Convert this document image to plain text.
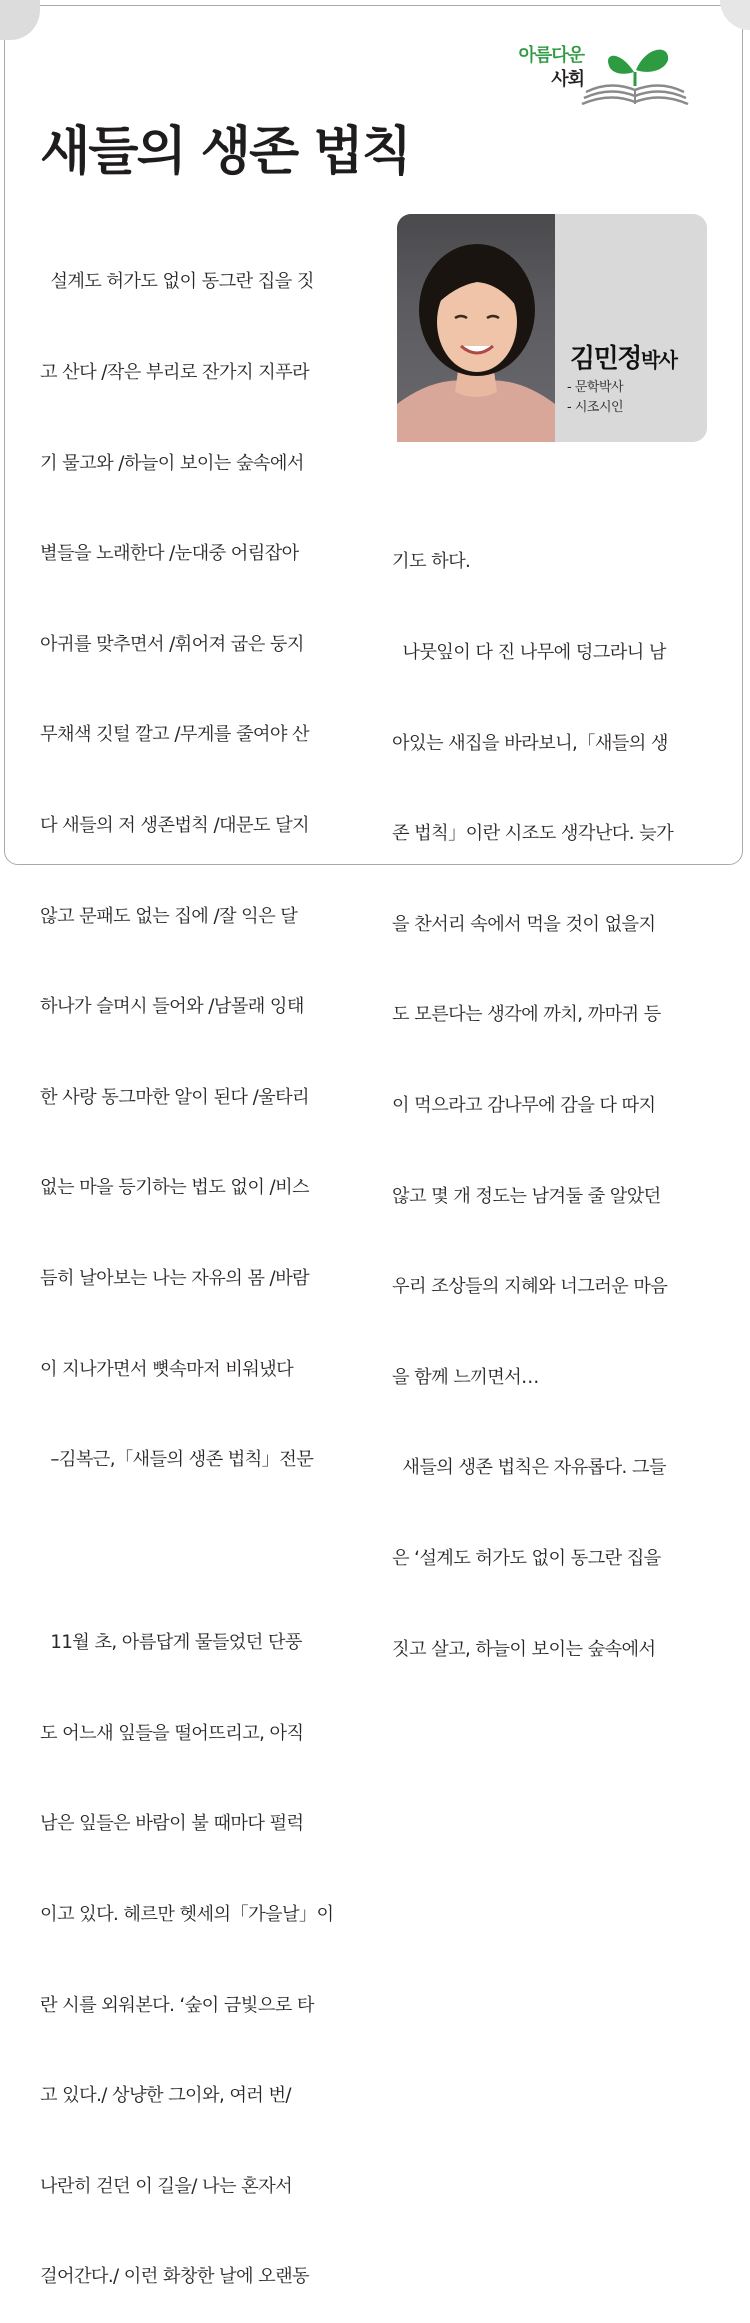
아름다운
사회
새들의 생존 법칙
김민정박사
- 문학박사
- 시조시인

설계도 허가도 없이 동그란 집을 짓

고 산다 /작은 부리로 잔가지 지푸라

기 물고와 /하늘이 보이는 숲속에서

별들을 노래한다 /눈대중 어림잡아

아귀를 맞추면서 /휘어져 굽은 둥지

무채색 깃털 깔고 /무게를 줄여야 산

다 새들의 저 생존법칙 /대문도 달지

않고 문패도 없는 집에 /잘 익은 달

하나가 슬며시 들어와 /남몰래 잉태

한 사랑 동그마한 알이 된다 /울타리

없는 마을 등기하는 법도 없이 /비스

듬히 날아보는 나는 자유의 몸 /바람

이 지나가면서 뼛속마저 비워냈다

–김복근,「새들의 생존 법칙」전문

11월 초, 아름답게 물들었던 단풍

도 어느새 잎들을 떨어뜨리고, 아직

남은 잎들은 바람이 불 때마다 펄럭

이고 있다. 헤르만 헷세의「가을날」이

란 시를 외워본다. ‘숲이 금빛으로 타

고 있다./ 상냥한 그이와, 여러 번/

나란히 걷던 이 길을/ 나는 혼자서

걸어간다./ 이런 화창한 날에 오랜동

기도 하다.

나뭇잎이 다 진 나무에 덩그라니 남

아있는 새집을 바라보니,「새들의 생

존 법칙」이란 시조도 생각난다. 늦가

을 찬서리 속에서 먹을 것이 없을지

도 모른다는 생각에 까치, 까마귀 등

이 먹으라고 감나무에 감을 다 따지

않고 몇 개 정도는 남겨둘 줄 알았던

우리 조상들의 지혜와 너그러운 마음

을 함께 느끼면서…

새들의 생존 법칙은 자유롭다. 그들

은 ‘설계도 허가도 없이 동그란 집을

짓고 살고, 하늘이 보이는 숲속에서
